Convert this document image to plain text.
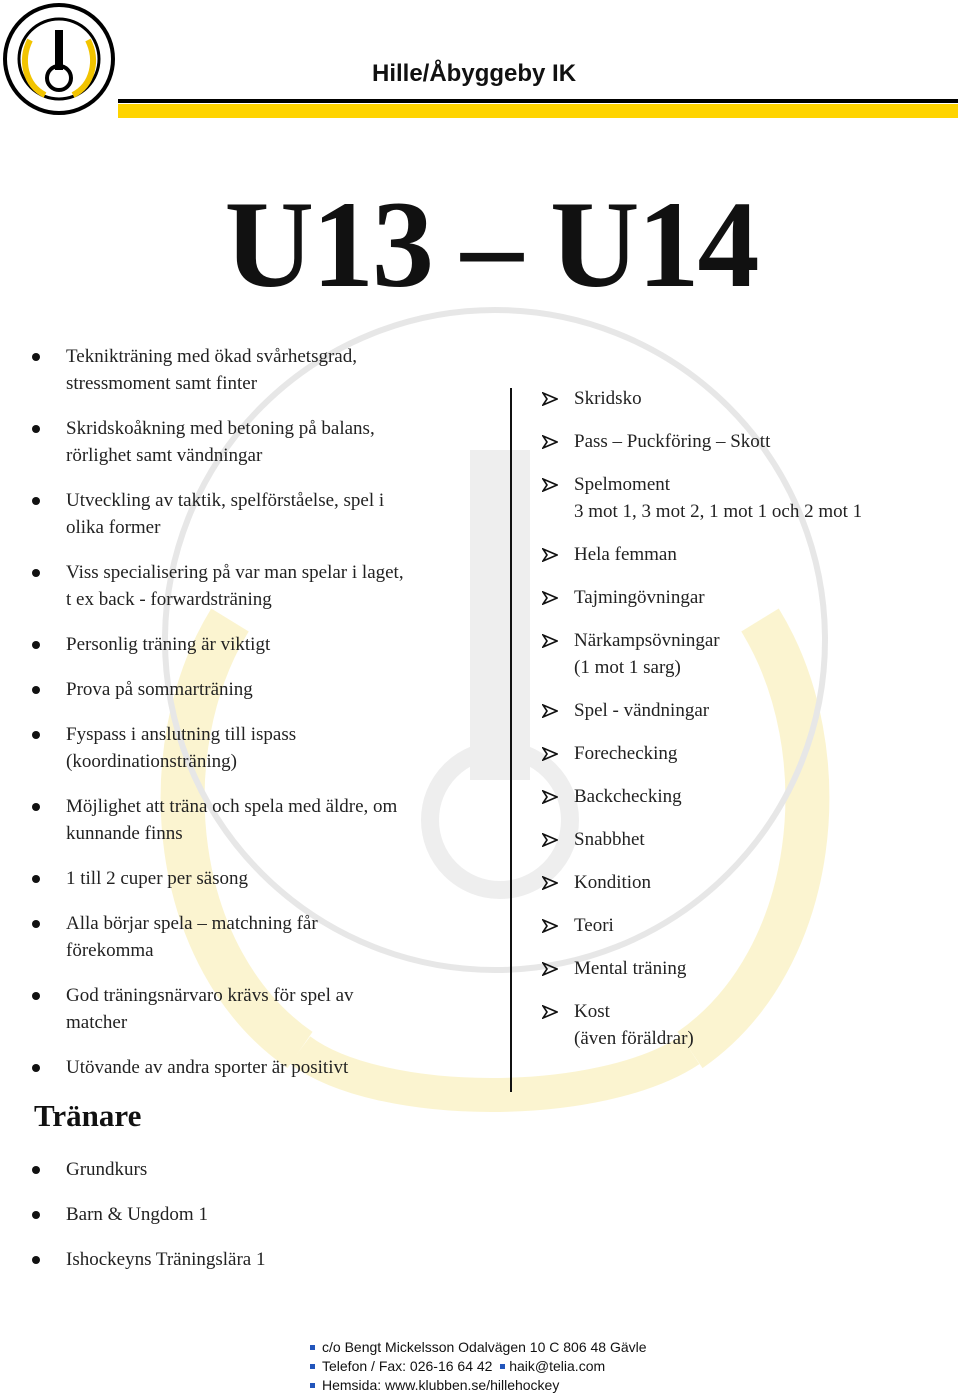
Hille/Åbyggeby IK
U13 – U14
Teknikträning med ökad svårhetsgrad,
stressmoment samt finter
Skridskoåkning med betoning på balans,
rörlighet samt vändningar
Utveckling av taktik, spelförståelse, spel i
olika former
Viss specialisering på var man spelar i laget,
t ex back - forwardsträning
Personlig träning är viktigt
Prova på sommarträning
Fyspass i anslutning till ispass
(koordinationsträning)
Möjlighet att träna och spela med äldre, om
kunnande finns
1 till 2 cuper per säsong
Alla börjar spela – matchning får
förekomma
God träningsnärvaro krävs för spel av
matcher
Utövande av andra sporter är positivt
Skridsko
Pass – Puckföring – Skott
Spelmoment
3 mot 1, 3 mot 2, 1 mot 1 och 2 mot 1
Hela femman
Tajmingövningar
Närkampsövningar
(1 mot 1 sarg)
Spel - vändningar
Forechecking
Backchecking
Snabbhet
Kondition
Teori
Mental träning
Kost
(även föräldrar)
Tränare
Grundkurs
Barn & Ungdom 1
Ishockeyns Träningslära 1
c/o Bengt Mickelsson Odalvägen 10 C 806 48 Gävle
Telefon / Fax: 026-16 64 42 haik@telia.com
Hemsida: www.klubben.se/hillehockey
